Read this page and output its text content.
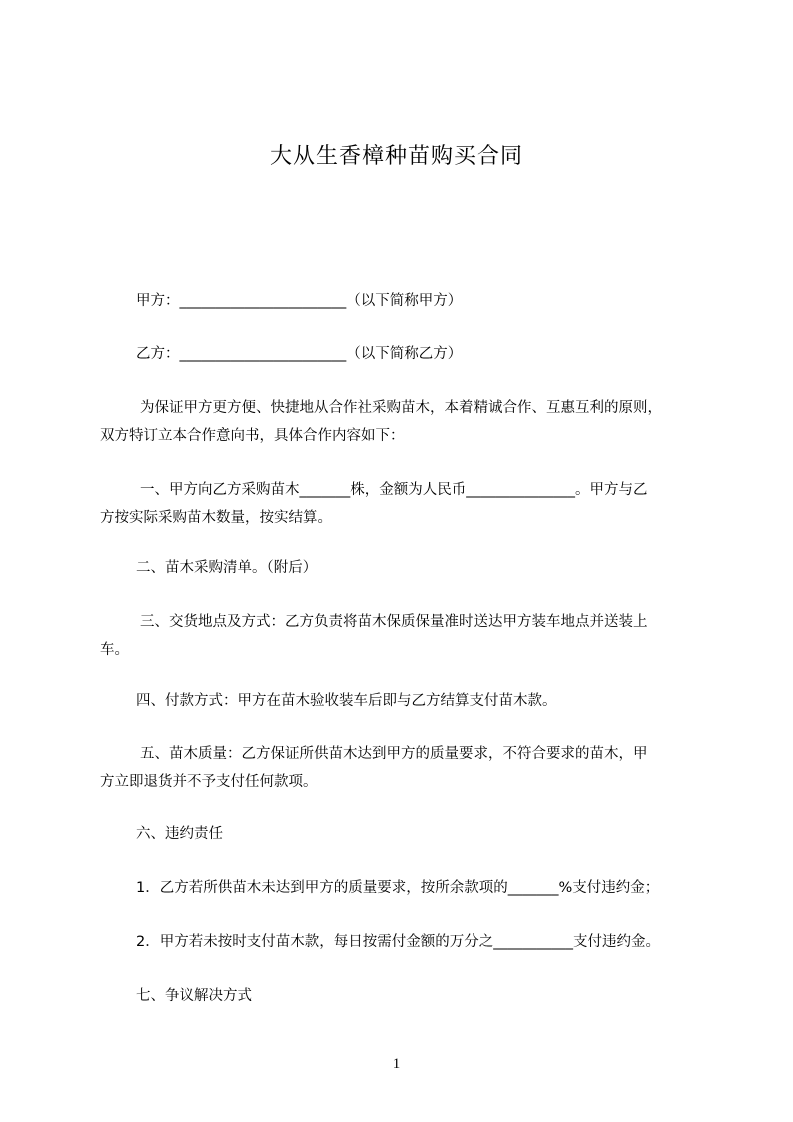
大从生香樟种苗购买合同
甲方：_______________________（以下简称甲方）
乙方：_______________________（以下简称乙方）
为保证甲方更方便、快捷地从合作社采购苗木，本着精诚合作、互惠互利的原则，
双方特订立本合作意向书，具体合作内容如下：
一、甲方向乙方采购苗木_______株，金额为人民币_______________。甲方与乙
方按实际采购苗木数量，按实结算。
二、苗木采购清单。（附后）
三、交货地点及方式：乙方负责将苗木保质保量准时送达甲方装车地点并送装上
车。
四、付款方式：甲方在苗木验收装车后即与乙方结算支付苗木款。
五、苗木质量：乙方保证所供苗木达到甲方的质量要求，不符合要求的苗木，甲
方立即退货并不予支付任何款项。
六、违约责任
1．乙方若所供苗木未达到甲方的质量要求，按所余款项的_______%支付违约金；
2．甲方若未按时支付苗木款，每日按需付金额的万分之___________支付违约金。
七、争议解决方式
1
